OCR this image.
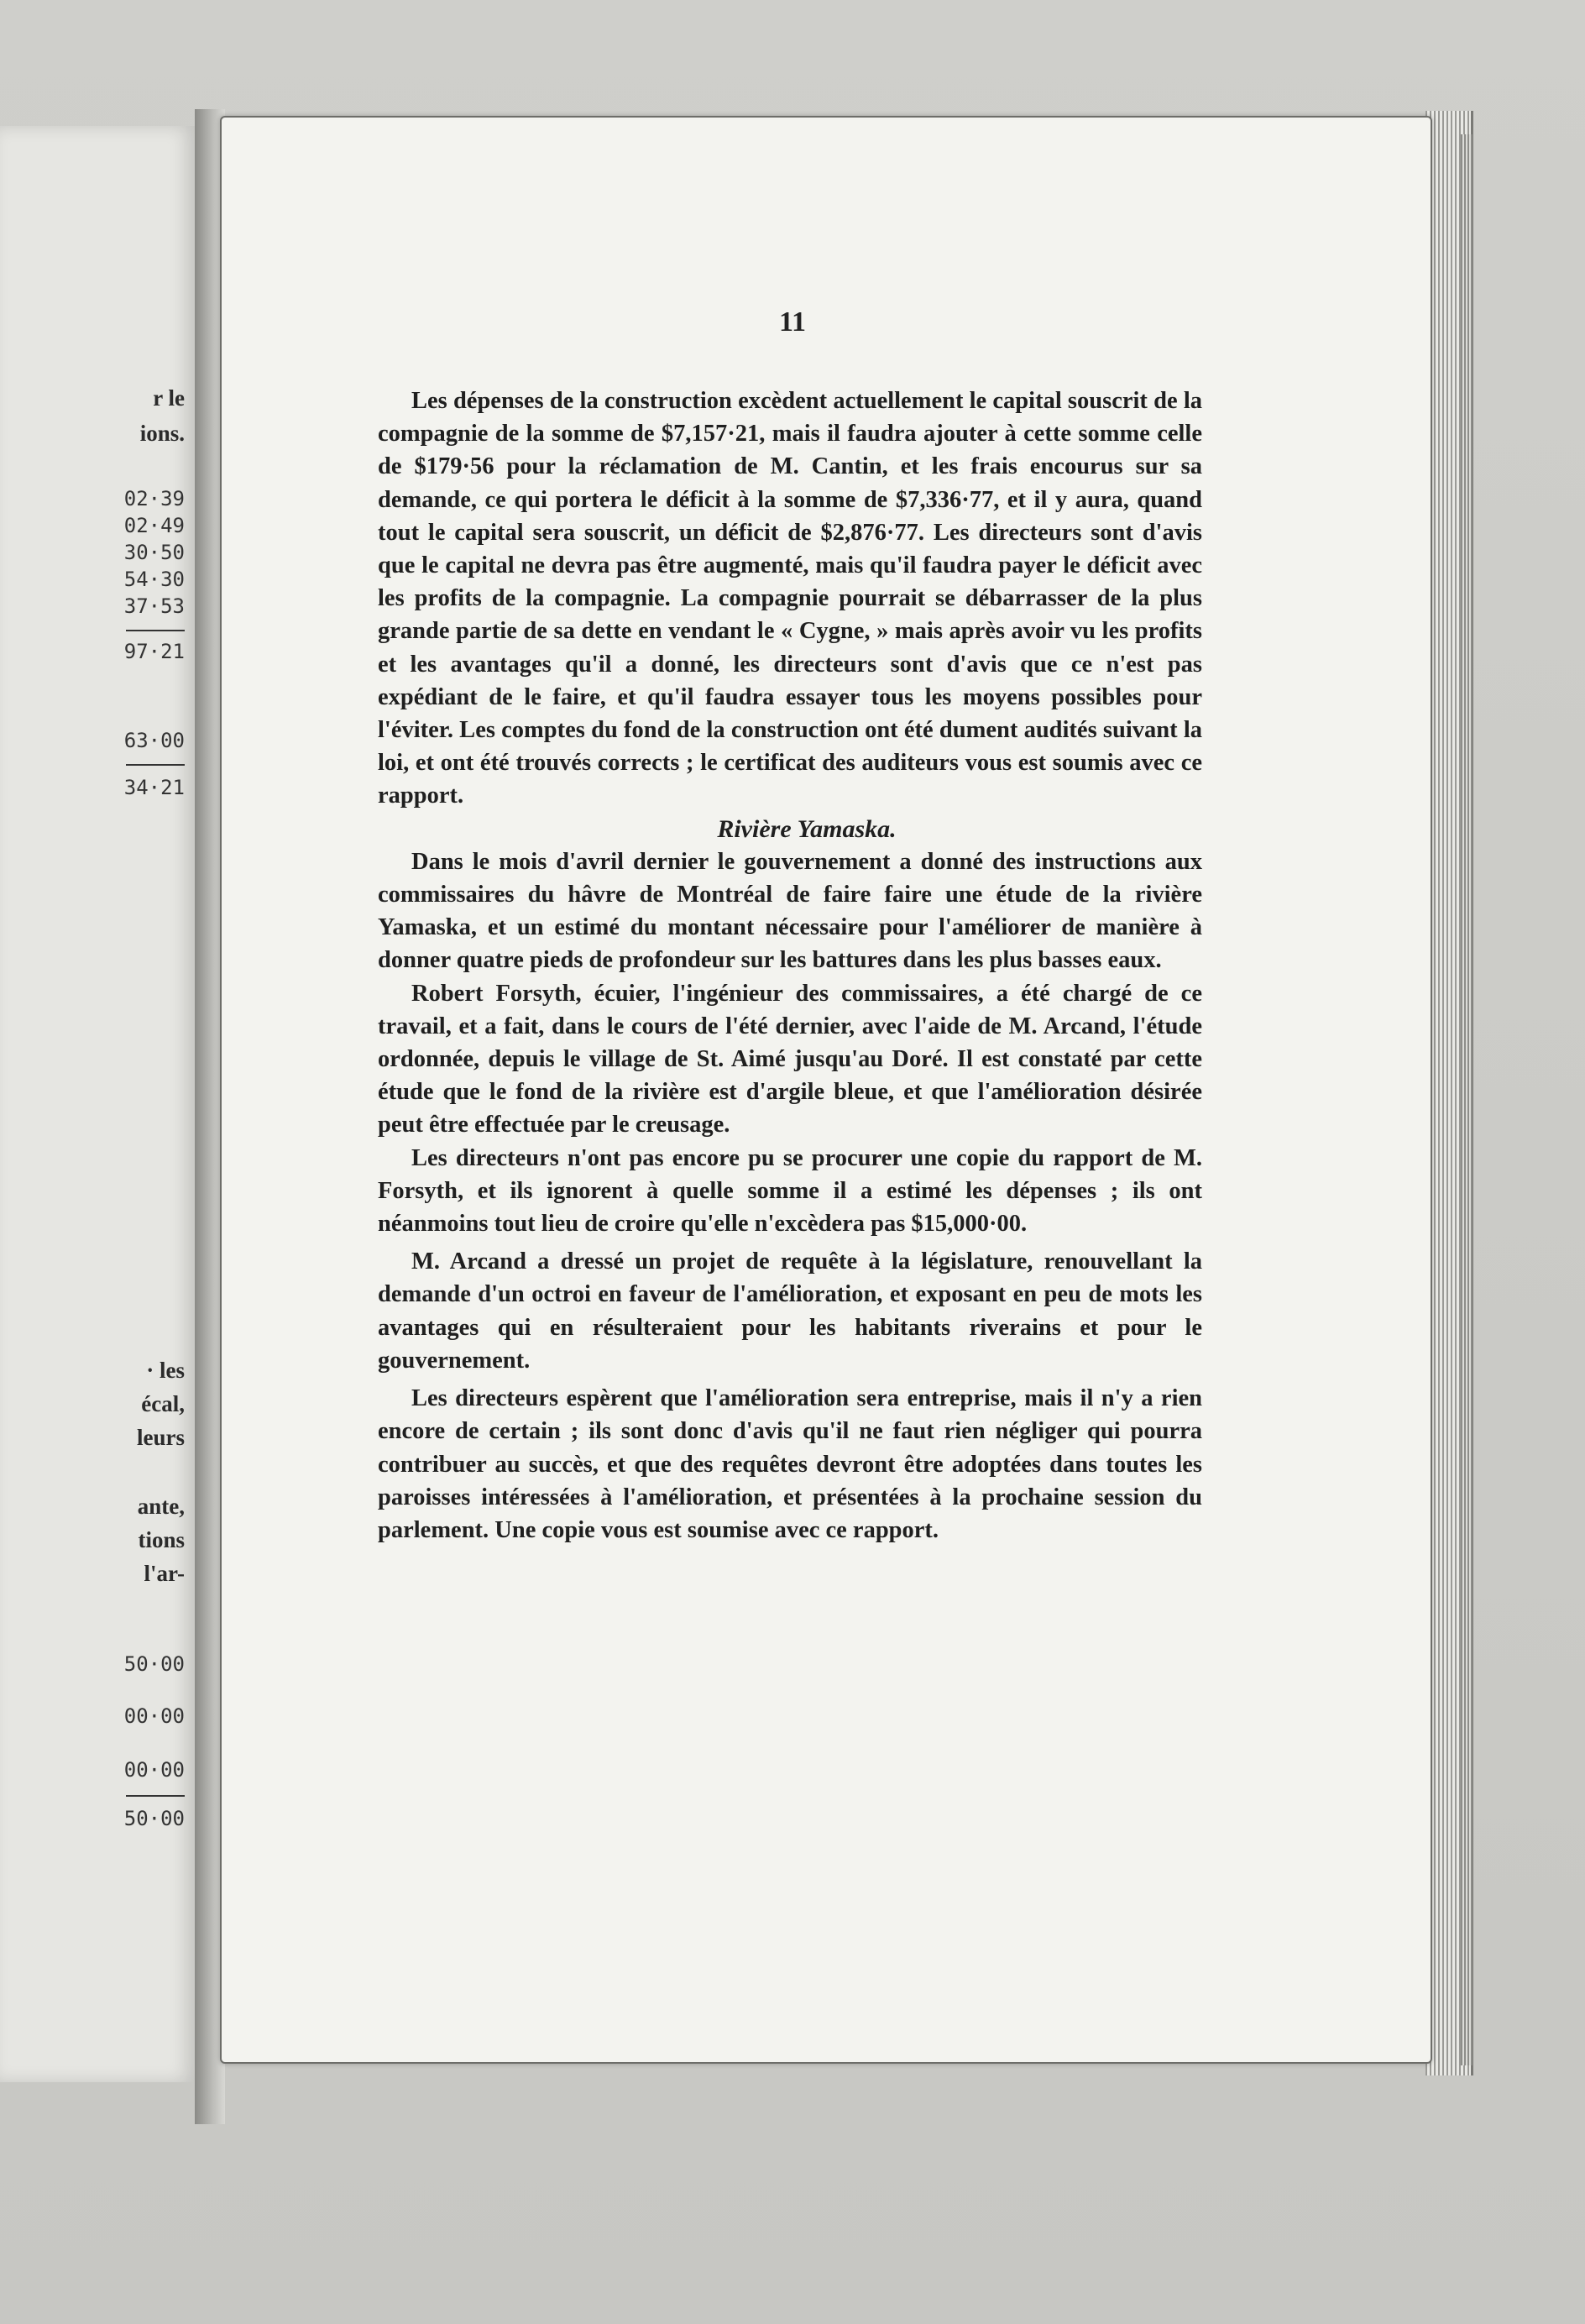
r le
ions.
02·39
02·49
30·50
54·30
37·53
97·21
63·00
34·21
· les
écal,
leurs
ante,
tions
l'ar-
50·00
00·00
00·00
50·00
11

Les dépenses de la construction excèdent actuellement le capital souscrit de la compagnie de la somme de $7,157·21, mais il faudra ajouter à cette somme celle de $179·56 pour la réclamation de M. Cantin, et les frais encourus sur sa demande, ce qui portera le déficit à la somme de $7,336·77, et il y aura, quand tout le capital sera souscrit, un déficit de $2,876·77. Les directeurs sont d'avis que le capital ne devra pas être augmenté, mais qu'il faudra payer le déficit avec les profits de la compagnie. La compagnie pourrait se débarrasser de la plus grande partie de sa dette en vendant le « Cygne, » mais après avoir vu les profits et les avantages qu'il a donné, les directeurs sont d'avis que ce n'est pas expédiant de le faire, et qu'il faudra essayer tous les moyens possibles pour l'éviter. Les comptes du fond de la construction ont été dument audités suivant la loi, et ont été trouvés corrects ; le certificat des auditeurs vous est soumis avec ce rapport.

Rivière Yamaska.

Dans le mois d'avril dernier le gouvernement a donné des instructions aux commissaires du hâvre de Montréal de faire faire une étude de la rivière Yamaska, et un estimé du montant nécessaire pour l'améliorer de manière à donner quatre pieds de profondeur sur les battures dans les plus basses eaux.

Robert Forsyth, écuier, l'ingénieur des commissaires, a été chargé de ce travail, et a fait, dans le cours de l'été dernier, avec l'aide de M. Arcand, l'étude ordonnée, depuis le village de St. Aimé jusqu'au Doré. Il est constaté par cette étude que le fond de la rivière est d'argile bleue, et que l'amélioration désirée peut être effectuée par le creusage.

Les directeurs n'ont pas encore pu se procurer une copie du rapport de M. Forsyth, et ils ignorent à quelle somme il a estimé les dépenses ; ils ont néanmoins tout lieu de croire qu'elle n'excèdera pas $15,000·00.

M. Arcand a dressé un projet de requête à la législature, renouvellant la demande d'un octroi en faveur de l'amélioration, et exposant en peu de mots les avantages qui en résulteraient pour les habitants riverains et pour le gouvernement.

Les directeurs espèrent que l'amélioration sera entreprise, mais il n'y a rien encore de certain ; ils sont donc d'avis qu'il ne faut rien négliger qui pourra contribuer au succès, et que des requêtes devront être adoptées dans toutes les paroisses intéressées à l'amélioration, et présentées à la prochaine session du parlement. Une copie vous est soumise avec ce rapport.
